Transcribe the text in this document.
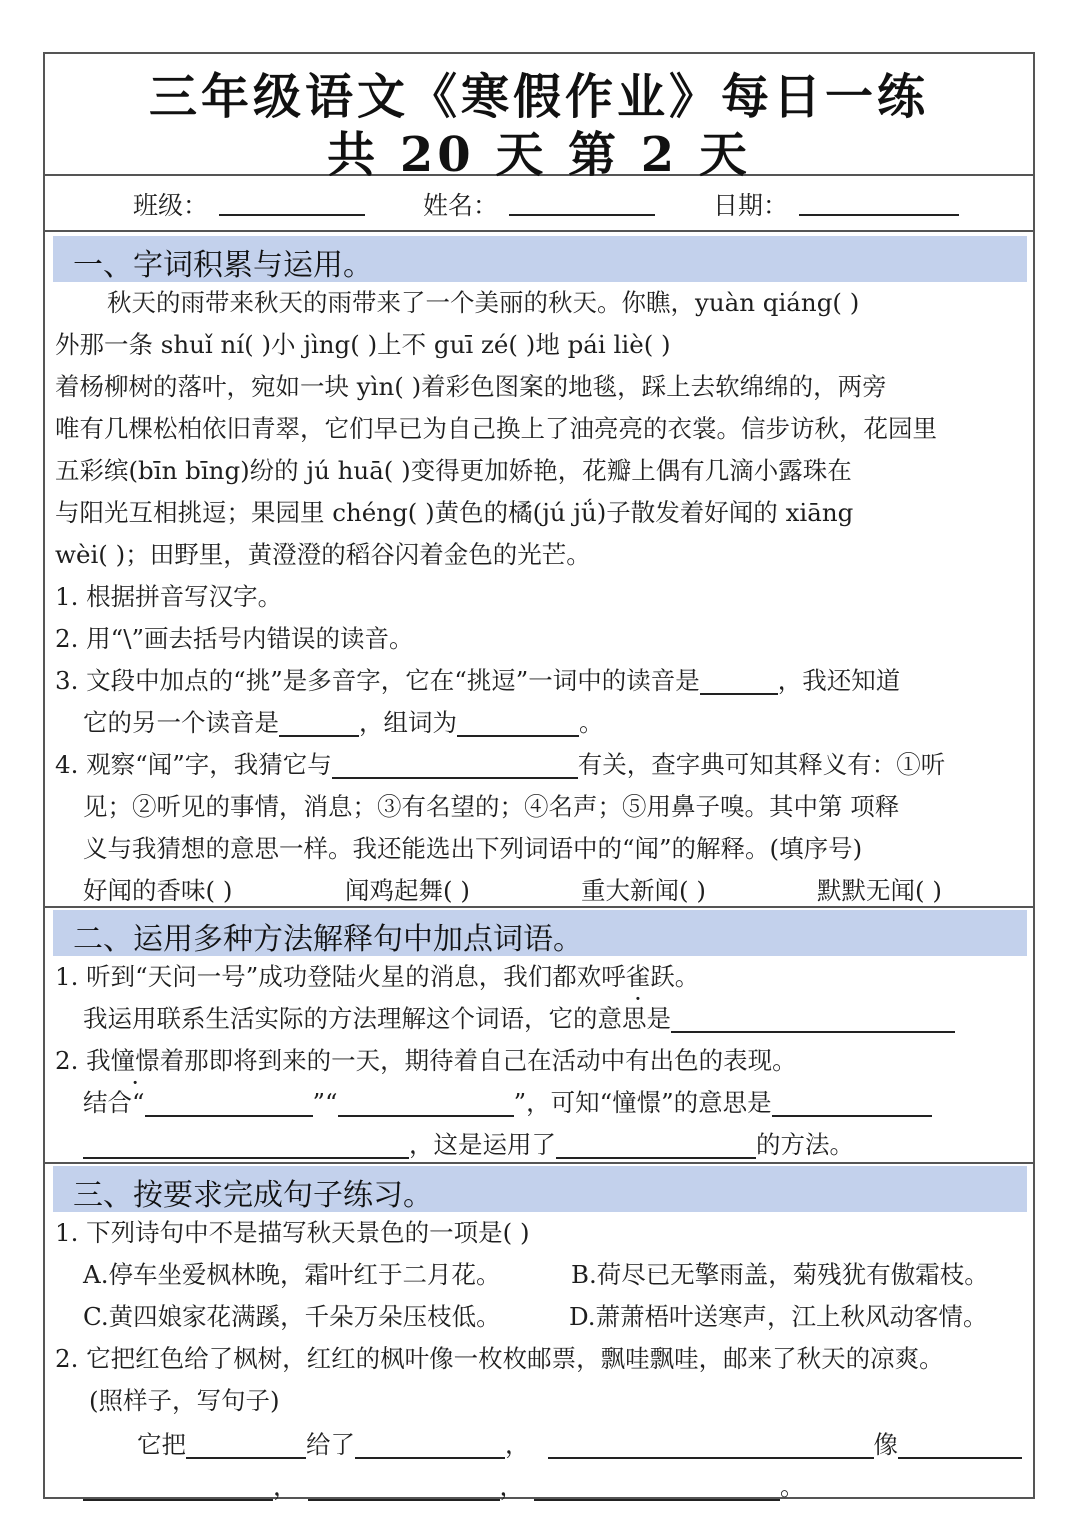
三年级语文《寒假作业》每日一练
共 20 天 第 2 天
班级：	姓名：	日期：
一、字词积累与运用。
秋天的雨带来秋天的雨带来了一个美丽的秋天。你瞧，yuàn qiáng( )
外那一条 shuǐ ní( )小 jìng( )上不 guī zé( )地 pái liè( )
着杨柳树的落叶，宛如一块 yìn( )着彩色图案的地毯，踩上去软绵绵的，两旁
唯有几棵松柏依旧青翠，它们早已为自己换上了油亮亮的衣裳。信步访秋，花园里
五彩缤(bīn bīng)纷的 jú huā( )变得更加娇艳，花瓣上偶有几滴小露珠在
与阳光互相挑逗；果园里 chéng( )黄色的橘(jú jǘ)子散发着好闻的 xiāng
wèi( )；田野里，黄澄澄的稻谷闪着金色的光芒。
1. 根据拼音写汉字。
2. 用“\”画去括号内错误的读音。
3. 文段中加点的“挑”是多音字，它在“挑逗”一词中的读音是	，我还知道
它的另一个读音是	，组词为	。
4. 观察“闻”字，我猜它与	有关，查字典可知其释义有：①听
见；②听见的事情，消息；③有名望的；④名声；⑤用鼻子嗅。其中第 项释
义与我猜想的意思一样。我还能选出下列词语中的“闻”的解释。(填序号)
好闻的香味( )	闻鸡起舞( )	重大新闻( )	默默无闻( )
二、运用多种方法解释句中加点词语。
1. 听到“天问一号”成功登陆火星的消息，我们都欢呼雀跃。
我运用联系生活实际的方法理解这个词语，它的意思是
2. 我憧憬着那即将到来的一天，期待着自己在活动中有出色的表现。
结合“	”“	”，可知“憧憬”的意思是
，这是运用了	的方法。
三、按要求完成句子练习。
1. 下列诗句中不是描写秋天景色的一项是( )
A.停车坐爱枫林晚，霜叶红于二月花。	B.荷尽已无擎雨盖，菊残犹有傲霜枝。
C.黄四娘家花满蹊，千朵万朵压枝低。	D.萧萧梧叶送寒声，江上秋风动客情。
2. 它把红色给了枫树，红红的枫叶像一枚枚邮票，飘哇飘哇，邮来了秋天的凉爽。
(照样子，写句子)
它把	给了	，	像
，	，	。
